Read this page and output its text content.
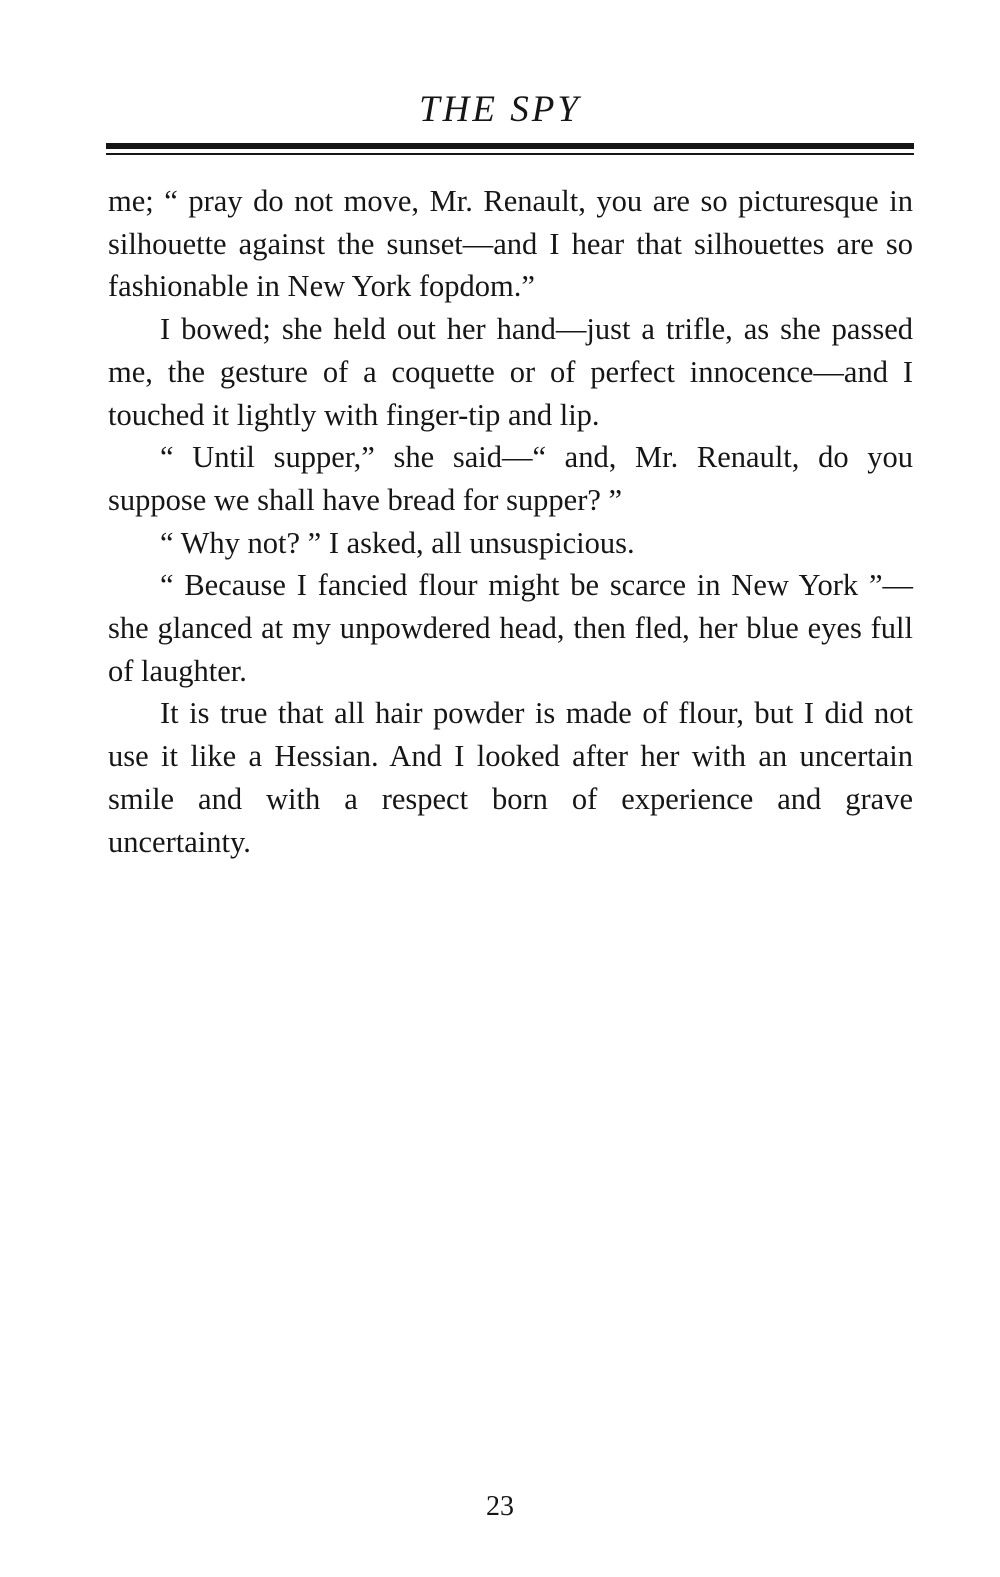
THE SPY

me; “ pray do not move, Mr. Renault, you are so picturesque in silhouette against the sunset—and I hear that silhouettes are so fashionable in New York fopdom.”

I bowed; she held out her hand—just a trifle, as she passed me, the gesture of a coquette or of perfect innocence—and I touched it lightly with finger-tip and lip.

“ Until supper,” she said—“ and, Mr. Renault, do you suppose we shall have bread for supper? ”

“ Why not? ” I asked, all unsuspicious.

“ Because I fancied flour might be scarce in New York ”—she glanced at my unpowdered head, then fled, her blue eyes full of laughter.

It is true that all hair powder is made of flour, but I did not use it like a Hessian. And I looked after her with an uncertain smile and with a respect born of experience and grave uncertainty.

23
